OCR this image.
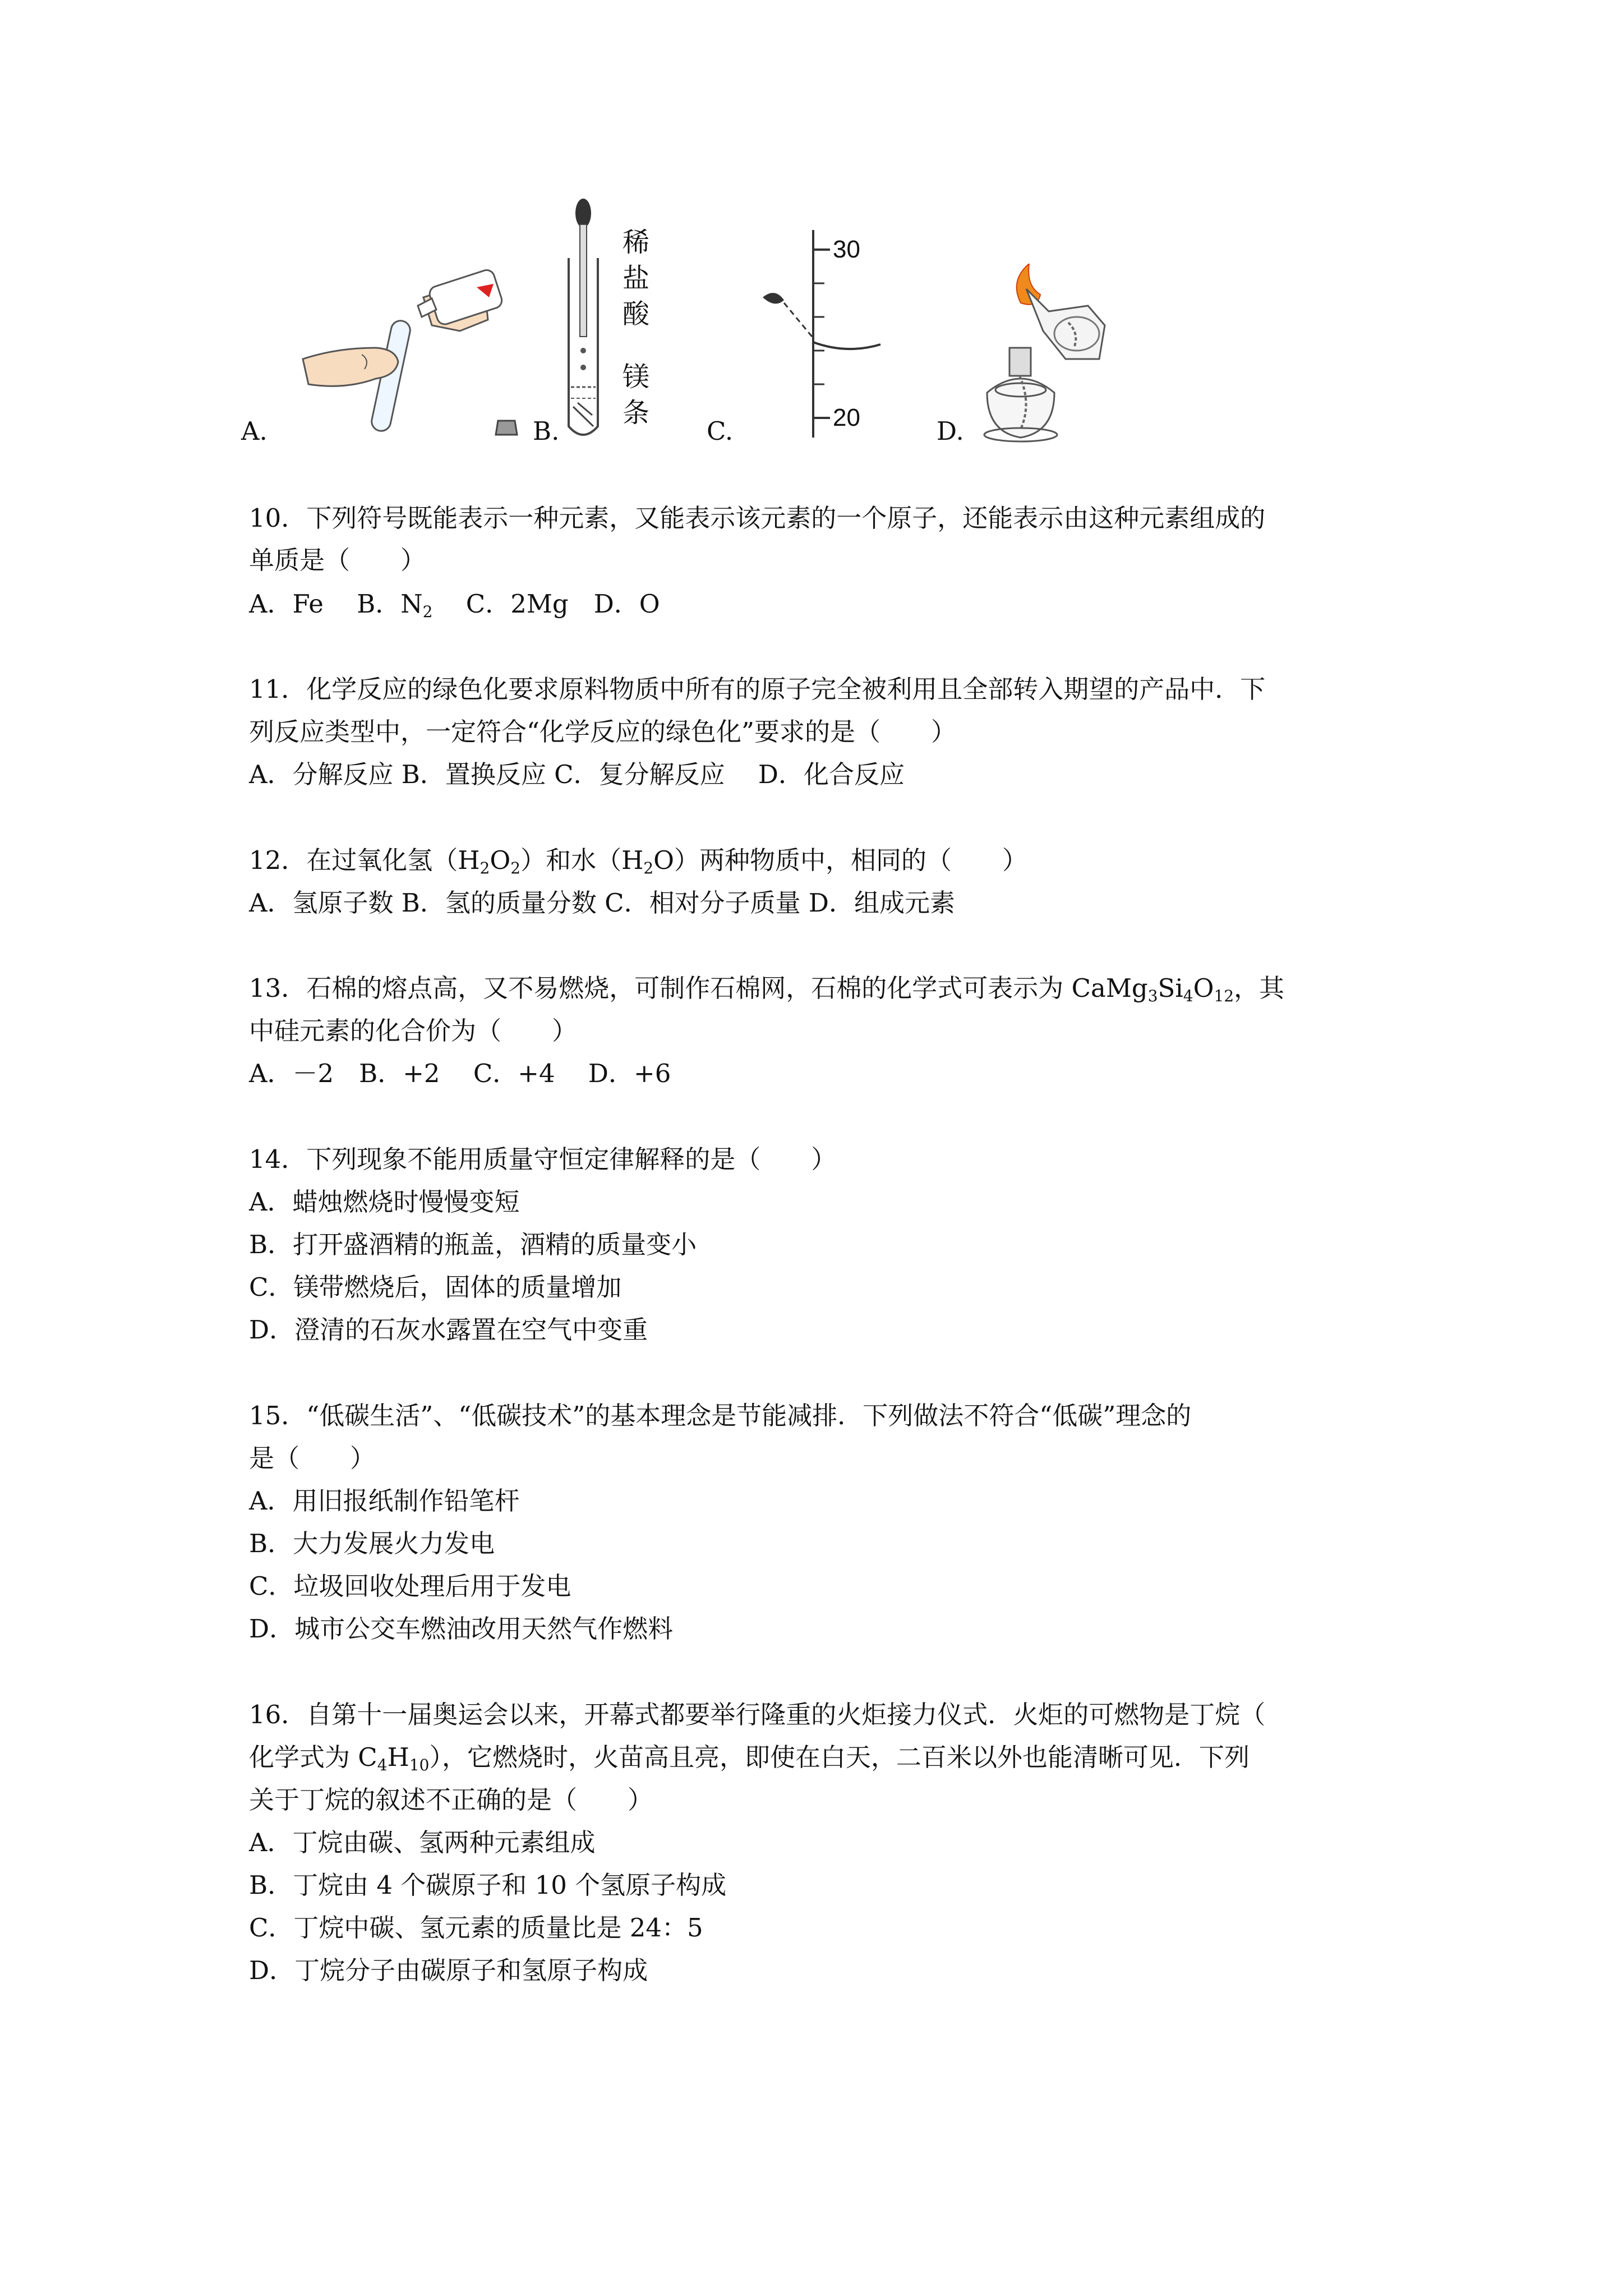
A.
稀
盐
酸
镁
条
B.
30
20
C.	D.
10．下列符号既能表示一种元素，又能表示该元素的一个原子，还能表示由这种元素组成的
单质是（　　）
A．Fe　 B．$N_2$　 C．2Mg　D．O
11．化学反应的绿色化要求原料物质中所有的原子完全被利用且全部转入期望的产品中．下
列反应类型中，一定符合“化学反应的绿色化”要求的是（　　）
A．分解反应 B．置换反应 C．复分解反应　 D．化合反应
12．在过氧化氢$(H_2O_2)$和水$(H_2O)$两种物质中，相同的（　　）
A．氢原子数 B．氢的质量分数 C．相对分子质量 D．组成元素
13．石棉的熔点高，又不易燃烧，可制作石棉网，石棉的化学式可表示为 $CaMg_3Si_4O_{12}$，其
中硅元素的化合价为（　　）
A．－2　B．+2　 C．+4　 D．+6
14．下列现象不能用质量守恒定律解释的是（　　）
A．蜡烛燃烧时慢慢变短
B．打开盛酒精的瓶盖，酒精的质量变小
C．镁带燃烧后，固体的质量增加
D．澄清的石灰水露置在空气中变重
15．“低碳生活”、“低碳技术”的基本理念是节能减排．下列做法不符合“低碳”理念的
是（　　）
A．用旧报纸制作铅笔杆
B．大力发展火力发电
C．垃圾回收处理后用于发电
D．城市公交车燃油改用天然气作燃料
16．自第十一届奥运会以来，开幕式都要举行隆重的火炬接力仪式．火炬的可燃物是丁烷（
化学式为 $C_4H_{10}$），它燃烧时，火苗高且亮，即使在白天，二百米以外也能清晰可见．下列
关于丁烷的叙述不正确的是（　　）
A．丁烷由碳、氢两种元素组成
B．丁烷由 4 个碳原子和 10 个氢原子构成
C．丁烷中碳、氢元素的质量比是 24：5
D．丁烷分子由碳原子和氢原子构成
